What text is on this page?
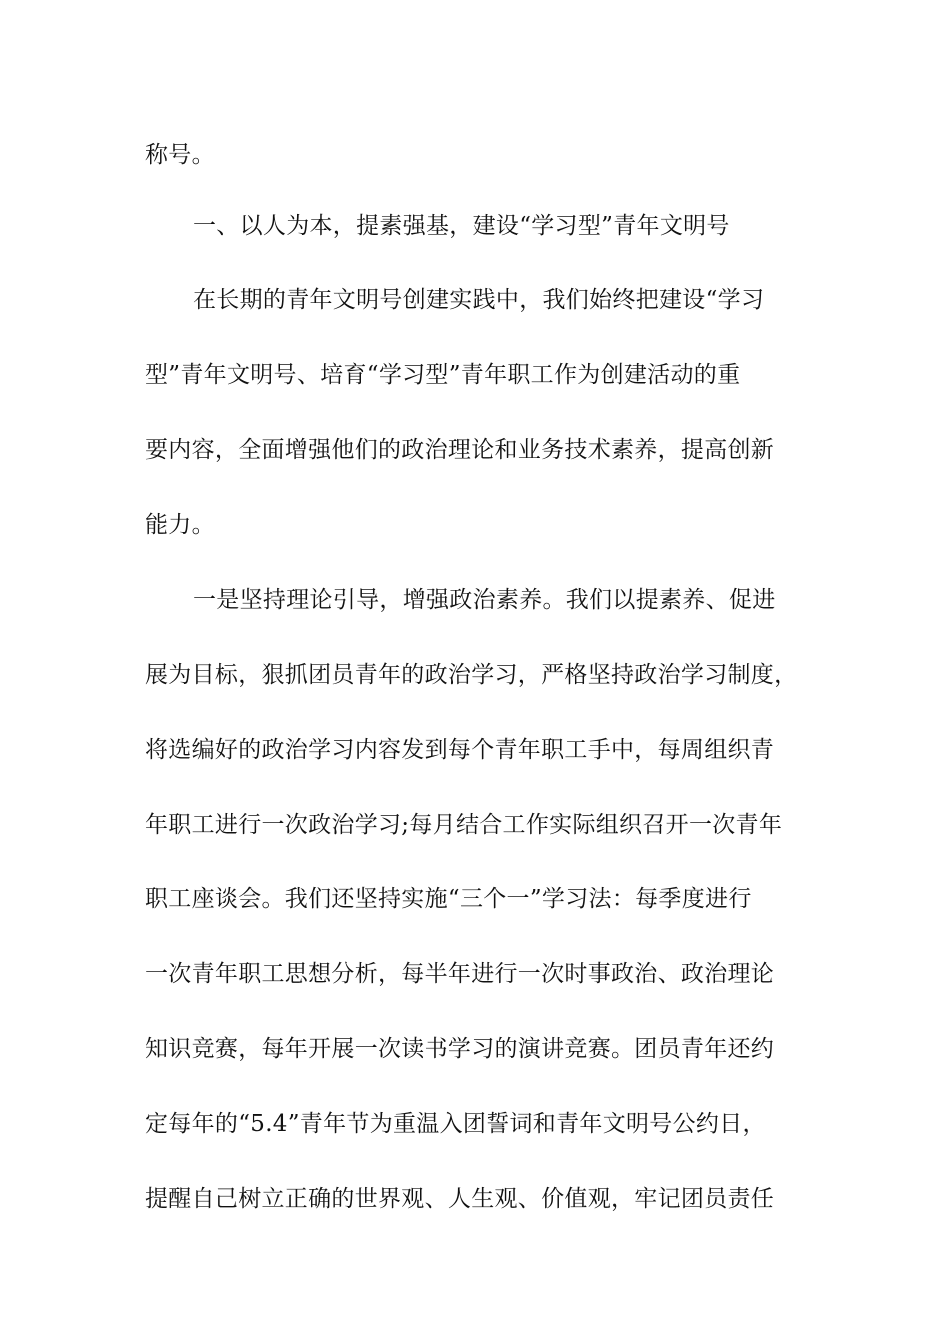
称号。
一、以人为本，提素强基，建设“学习型”青年文明号
在长期的青年文明号创建实践中，我们始终把建设“学习
型”青年文明号、培育“学习型”青年职工作为创建活动的重
要内容，全面增强他们的政治理论和业务技术素养，提高创新
能力。
一是坚持理论引导，增强政治素养。我们以提素养、促进
展为目标，狠抓团员青年的政治学习，严格坚持政治学习制度，
将选编好的政治学习内容发到每个青年职工手中，每周组织青
年职工进行一次政治学习;每月结合工作实际组织召开一次青年
职工座谈会。我们还坚持实施“三个一”学习法：每季度进行
一次青年职工思想分析，每半年进行一次时事政治、政治理论
知识竞赛，每年开展一次读书学习的演讲竞赛。团员青年还约
定每年的“5.4”青年节为重温入团誓词和青年文明号公约日，
提醒自己树立正确的世界观、人生观、价值观，牢记团员责任
